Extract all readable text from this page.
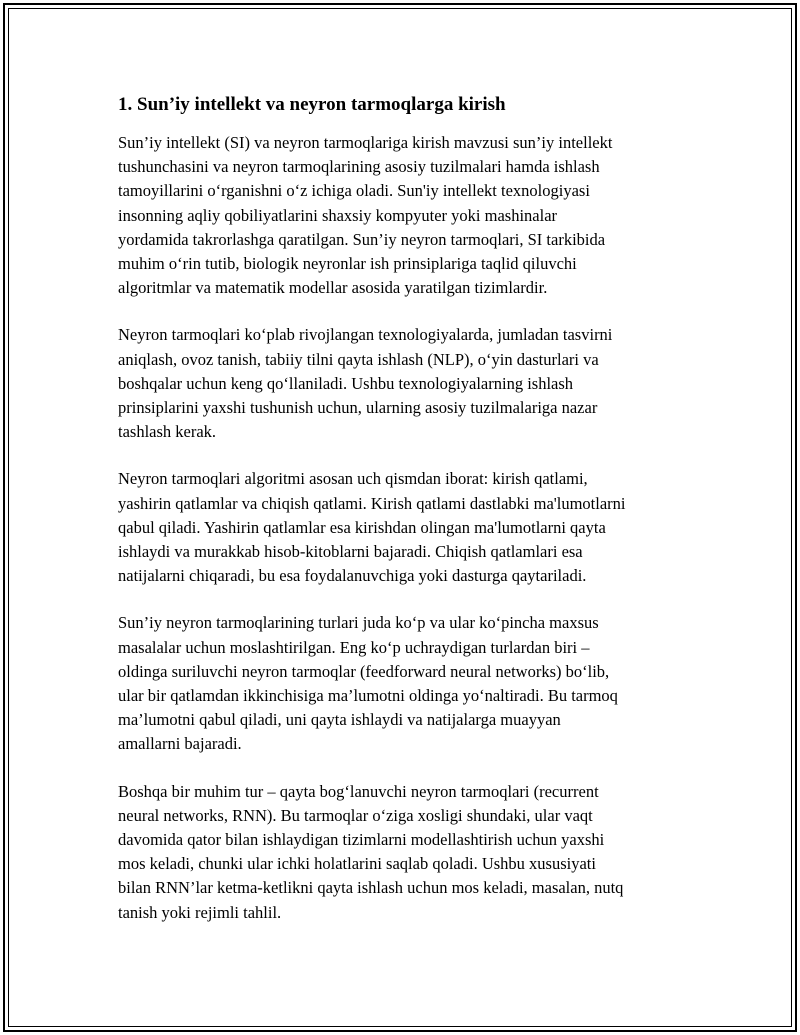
1. Sun’iy intellekt va neyron tarmoqlarga kirish

Sun’iy intellekt (SI) va neyron tarmoqlariga kirish mavzusi sun’iy intellekt
tushunchasini va neyron tarmoqlarining asosiy tuzilmalari hamda ishlash
tamoyillarini o‘rganishni o‘z ichiga oladi. Sun'iy intellekt texnologiyasi
insonning aqliy qobiliyatlarini shaxsiy kompyuter yoki mashinalar
yordamida takrorlashga qaratilgan. Sun’iy neyron tarmoqlari, SI tarkibida
muhim o‘rin tutib, biologik neyronlar ish prinsiplariga taqlid qiluvchi
algoritmlar va matematik modellar asosida yaratilgan tizimlardir.

Neyron tarmoqlari ko‘plab rivojlangan texnologiyalarda, jumladan tasvirni
aniqlash, ovoz tanish, tabiiy tilni qayta ishlash (NLP), o‘yin dasturlari va
boshqalar uchun keng qo‘llaniladi. Ushbu texnologiyalarning ishlash
prinsiplarini yaxshi tushunish uchun, ularning asosiy tuzilmalariga nazar
tashlash kerak.

Neyron tarmoqlari algoritmi asosan uch qismdan iborat: kirish qatlami,
yashirin qatlamlar va chiqish qatlami. Kirish qatlami dastlabki ma'lumotlarni
qabul qiladi. Yashirin qatlamlar esa kirishdan olingan ma'lumotlarni qayta
ishlaydi va murakkab hisob-kitoblarni bajaradi. Chiqish qatlamlari esa
natijalarni chiqaradi, bu esa foydalanuvchiga yoki dasturga qaytariladi.

Sun’iy neyron tarmoqlarining turlari juda ko‘p va ular ko‘pincha maxsus
masalalar uchun moslashtirilgan. Eng ko‘p uchraydigan turlardan biri –
oldinga suriluvchi neyron tarmoqlar (feedforward neural networks) bo‘lib,
ular bir qatlamdan ikkinchisiga ma’lumotni oldinga yo‘naltiradi. Bu tarmoq
ma’lumotni qabul qiladi, uni qayta ishlaydi va natijalarga muayyan
amallarni bajaradi.

Boshqa bir muhim tur – qayta bog‘lanuvchi neyron tarmoqlari (recurrent
neural networks, RNN). Bu tarmoqlar o‘ziga xosligi shundaki, ular vaqt
davomida qator bilan ishlaydigan tizimlarni modellashtirish uchun yaxshi
mos keladi, chunki ular ichki holatlarini saqlab qoladi. Ushbu xususiyati
bilan RNN’lar ketma-ketlikni qayta ishlash uchun mos keladi, masalan, nutq
tanish yoki rejimli tahlil.
